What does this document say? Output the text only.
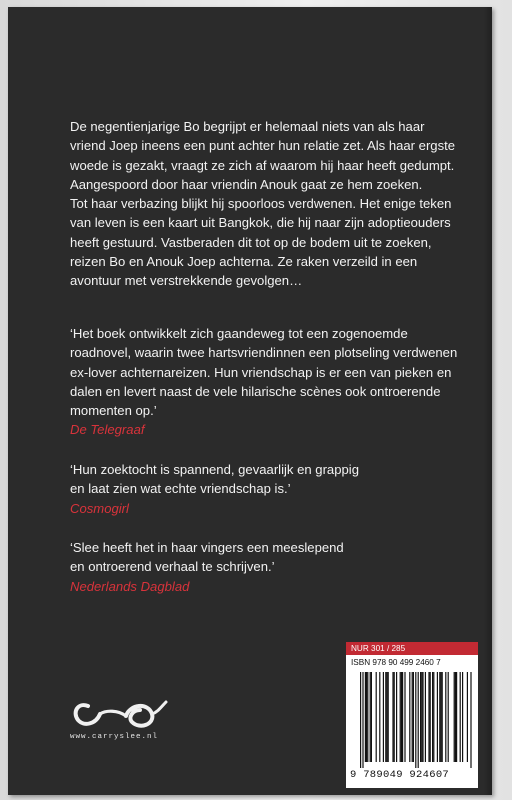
De negentienjarige Bo begrijpt er helemaal niets van als haar
vriend Joep ineens een punt achter hun relatie zet. Als haar ergste
woede is gezakt, vraagt ze zich af waarom hij haar heeft gedumpt.
Aangespoord door haar vriendin Anouk gaat ze hem zoeken.
Tot haar verbazing blijkt hij spoorloos verdwenen. Het enige teken
van leven is een kaart uit Bangkok, die hij naar zijn adoptieouders
heeft gestuurd. Vastberaden dit tot op de bodem uit te zoeken,
reizen Bo en Anouk Joep achterna. Ze raken verzeild in een
avontuur met verstrekkende gevolgen…
‘Het boek ontwikkelt zich gaandeweg tot een zogenoemde
roadnovel, waarin twee hartsvriendinnen een plotseling verdwenen
ex-lover achternareizen. Hun vriendschap is er een van pieken en
dalen en levert naast de vele hilarische scènes ook ontroerende
momenten op.’
De Telegraaf
‘Hun zoektocht is spannend, gevaarlijk en grappig
en laat zien wat echte vriendschap is.’
Cosmogirl
‘Slee heeft het in haar vingers een meeslepend
en ontroerend verhaal te schrijven.’
Nederlands Dagblad
www.carryslee.nl
NUR 301 / 285
ISBN 978 90 499 2460 7
9 789049 924607
